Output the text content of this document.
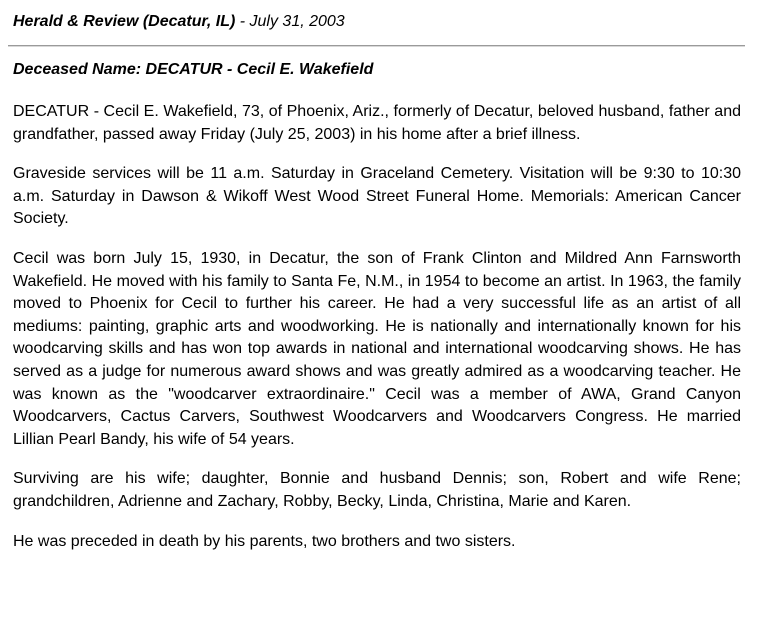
Herald & Review (Decatur, IL) - July 31, 2003
Deceased Name: DECATUR - Cecil E. Wakefield

DECATUR - Cecil E. Wakefield, 73, of Phoenix, Ariz., formerly of Decatur, beloved husband, father and grandfather, passed away Friday (July 25, 2003) in his home after a brief illness.

Graveside services will be 11 a.m. Saturday in Graceland Cemetery. Visitation will be 9:30 to 10:30 a.m. Saturday in Dawson & Wikoff West Wood Street Funeral Home. Memorials: American Cancer Society.

Cecil was born July 15, 1930, in Decatur, the son of Frank Clinton and Mildred Ann Farnsworth Wakefield. He moved with his family to Santa Fe, N.M., in 1954 to become an artist. In 1963, the family moved to Phoenix for Cecil to further his career. He had a very successful life as an artist of all mediums: painting, graphic arts and woodworking. He is nationally and internationally known for his woodcarving skills and has won top awards in national and international woodcarving shows. He has served as a judge for numerous award shows and was greatly admired as a woodcarving teacher. He was known as the "woodcarver extraordinaire." Cecil was a member of AWA, Grand Canyon Woodcarvers, Cactus Carvers, Southwest Woodcarvers and Woodcarvers Congress. He married Lillian Pearl Bandy, his wife of 54 years.

Surviving are his wife; daughter, Bonnie and husband Dennis; son, Robert and wife Rene; grandchildren, Adrienne and Zachary, Robby, Becky, Linda, Christina, Marie and Karen.

He was preceded in death by his parents, two brothers and two sisters.
